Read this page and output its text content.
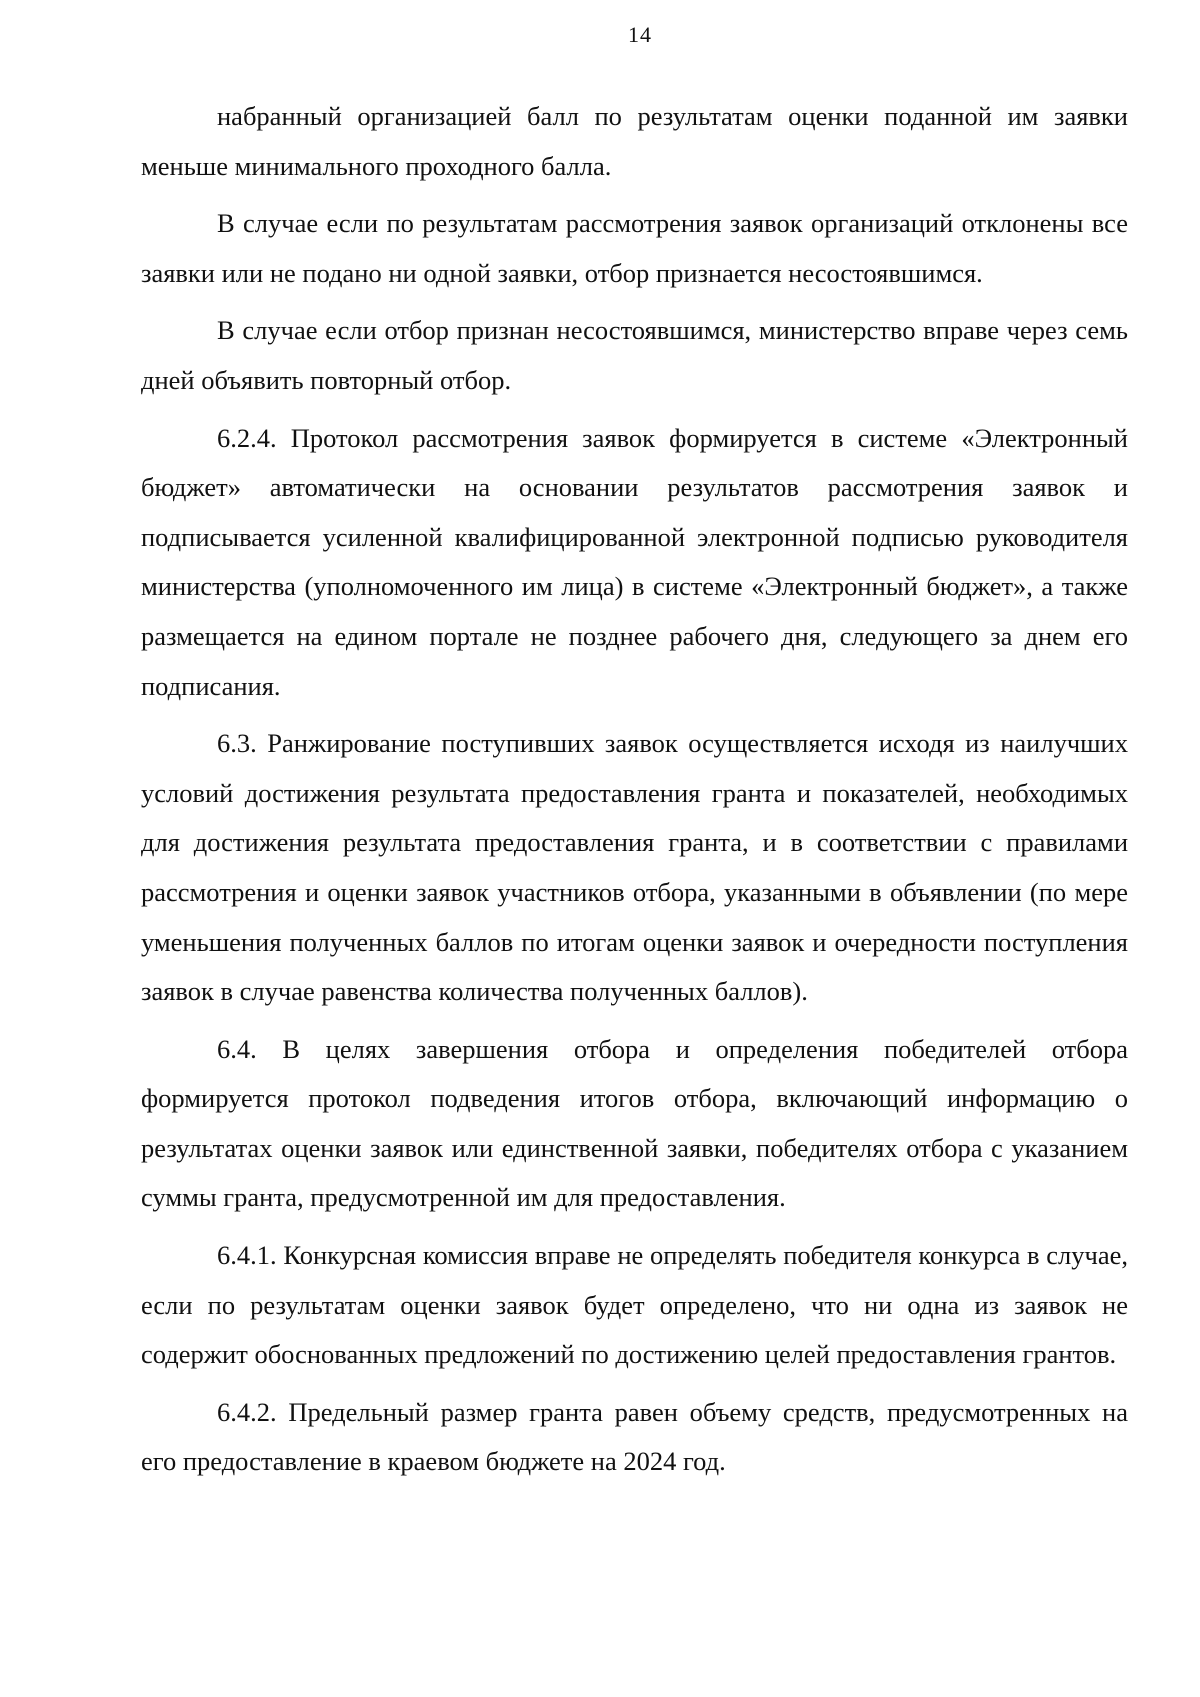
14

набранный организацией балл по результатам оценки поданной им заявки меньше минимального проходного балла.

В случае если по результатам рассмотрения заявок организаций отклонены все заявки или не подано ни одной заявки, отбор признается несостоявшимся.

В случае если отбор признан несостоявшимся, министерство вправе через семь дней объявить повторный отбор.

6.2.4. Протокол рассмотрения заявок формируется в системе «Электронный бюджет» автоматически на основании результатов рассмотрения заявок и подписывается усиленной квалифицированной электронной подписью руководителя министерства (уполномоченного им лица) в системе «Электронный бюджет», а также размещается на едином портале не позднее рабочего дня, следующего за днем его подписания.

6.3. Ранжирование поступивших заявок осуществляется исходя из наилучших условий достижения результата предоставления гранта и показателей, необходимых для достижения результата предоставления гранта, и в соответствии с правилами рассмотрения и оценки заявок участников отбора, указанными в объявлении (по мере уменьшения полученных баллов по итогам оценки заявок и очередности поступления заявок в случае равенства количества полученных баллов).

6.4. В целях завершения отбора и определения победителей отбора формируется протокол подведения итогов отбора, включающий информацию о результатах оценки заявок или единственной заявки, победителях отбора с указанием суммы гранта, предусмотренной им для предоставления.

6.4.1. Конкурсная комиссия вправе не определять победителя конкурса в случае, если по результатам оценки заявок будет определено, что ни одна из заявок не содержит обоснованных предложений по достижению целей предоставления грантов.

6.4.2. Предельный размер гранта равен объему средств, предусмотренных на его предоставление в краевом бюджете на 2024 год.
